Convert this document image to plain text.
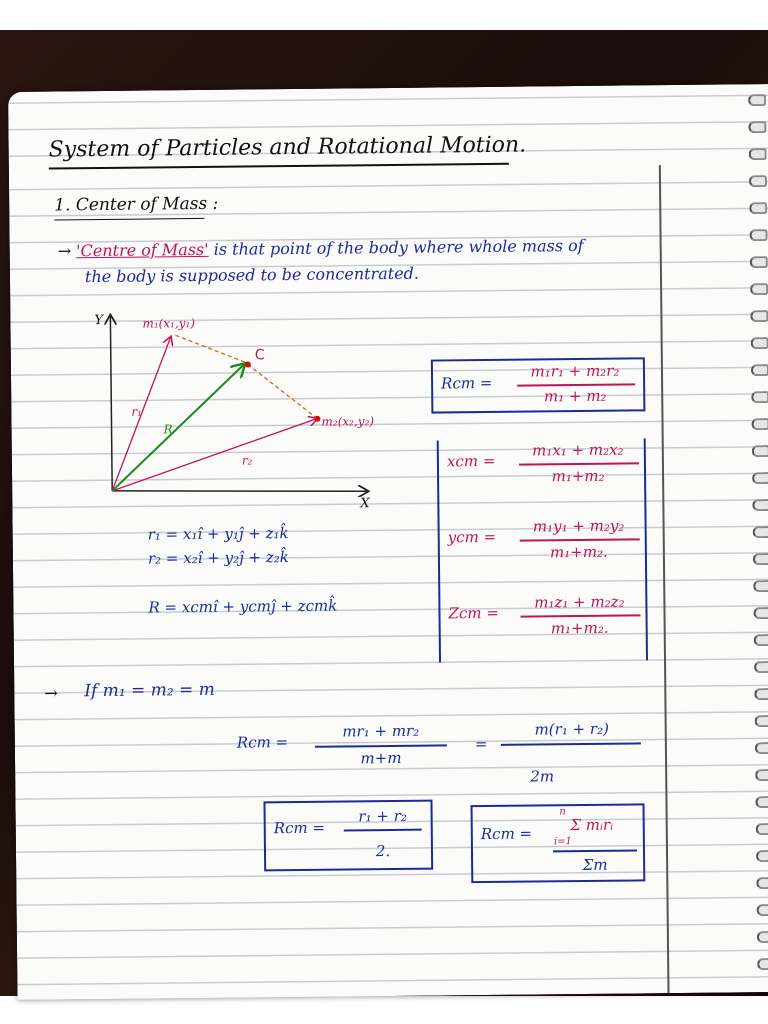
System of Particles and Rotational Motion.
1. Center of Mass :
→ 'Centre of Mass' is that point of the body where whole mass of
the body is supposed to be concentrated.
Y
X
m₁(x₁,y₁)
C
m₂(x₂,y₂)
r₁
r₂
R
Rcm =
m₁r₁ + m₂r₂
m₁ + m₂
xcm =
m₁x₁ + m₂x₂
m₁+m₂
ycm =
m₁y₁ + m₂y₂
m₁+m₂.
Zcm =
m₁z₁ + m₂z₂
m₁+m₂.
r₁ = x₁î + y₁ĵ + z₁k̂
r₂ = x₂î + y₂ĵ + z₂k̂
R = xcmî + ycmĵ + zcmk̂
→ If m₁ = m₂ = m
Rcm =
mr₁ + mr₂
m+m
=
m(r₁ + r₂)
2m
Rcm =
r₁ + r₂
2.
Rcm =
n
Σ mᵢrᵢ
i=1
Σm
